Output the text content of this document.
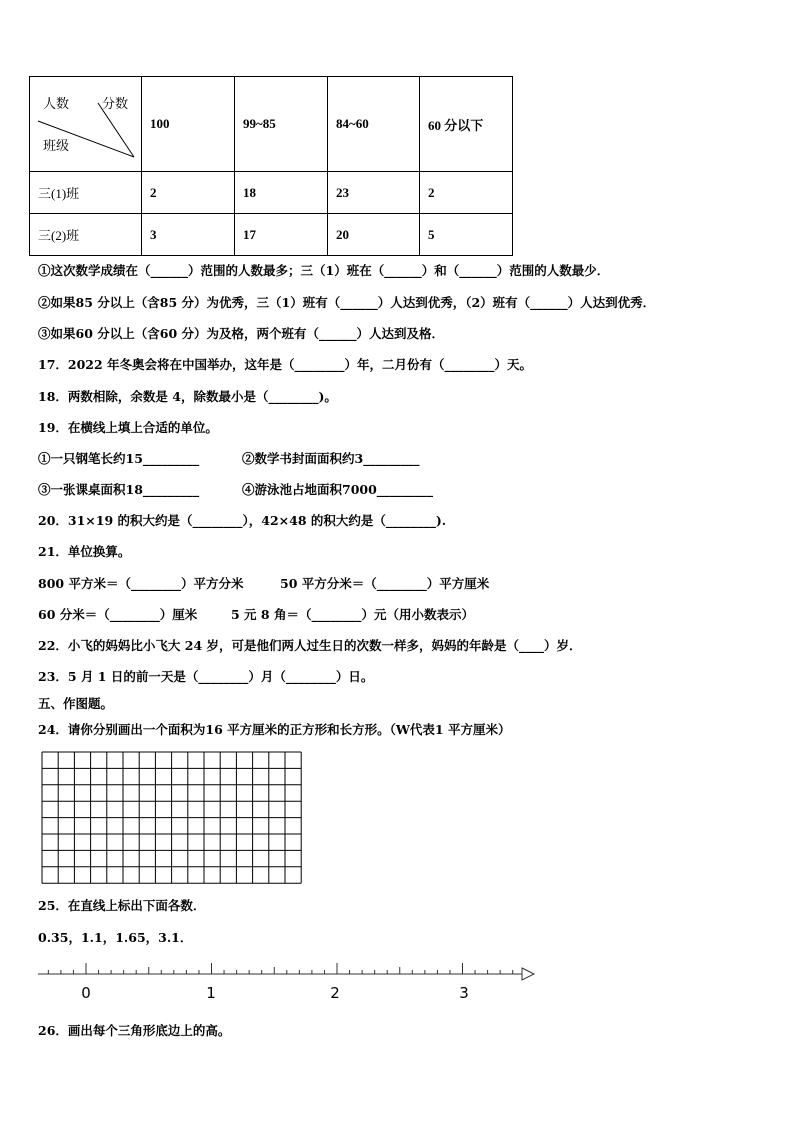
人数 分数
班级	100	99~85	84~60	60 分以下
三(1)班	2	18	23	2
三(2)班	3	17	20	5
①这次数学成绩在（______）范围的人数最多；三（1）班在（______）和（______）范围的人数最少．
②如果85 分以上（含85 分）为优秀，三（1）班有（______）人达到优秀，（2）班有（______）人达到优秀．
③如果60 分以上（含60 分）为及格，两个班有（______）人达到及格．
17．2022 年冬奥会将在中国举办，这年是（________）年，二月份有（________）天。
18．两数相除，余数是 4，除数最小是（________)。
19．在横线上填上合适的单位。
①一只钢笔长约15_________	②数学书封面面积约3_________
③一张课桌面积18_________	④游泳池占地面积7000_________
20．31×19 的积大约是（________），42×48 的积大约是（________).
21．单位换算。
800 平方米＝（________）平方分米	50 平方分米＝（________）平方厘米
60 分米＝（________）厘米	5 元 8 角＝（________）元（用小数表示）
22．小飞的妈妈比小飞大 24 岁，可是他们两人过生日的次数一样多，妈妈的年龄是（____）岁．
23．5 月 1 日的前一天是（________）月（________）日。
五、作图题。
24．请你分别画出一个面积为16 平方厘米的正方形和长方形。（W代表1 平方厘米）
25．在直线上标出下面各数．
0.35，1.1，1.65，3.1．
0	1	2	3
26．画出每个三角形底边上的高。
